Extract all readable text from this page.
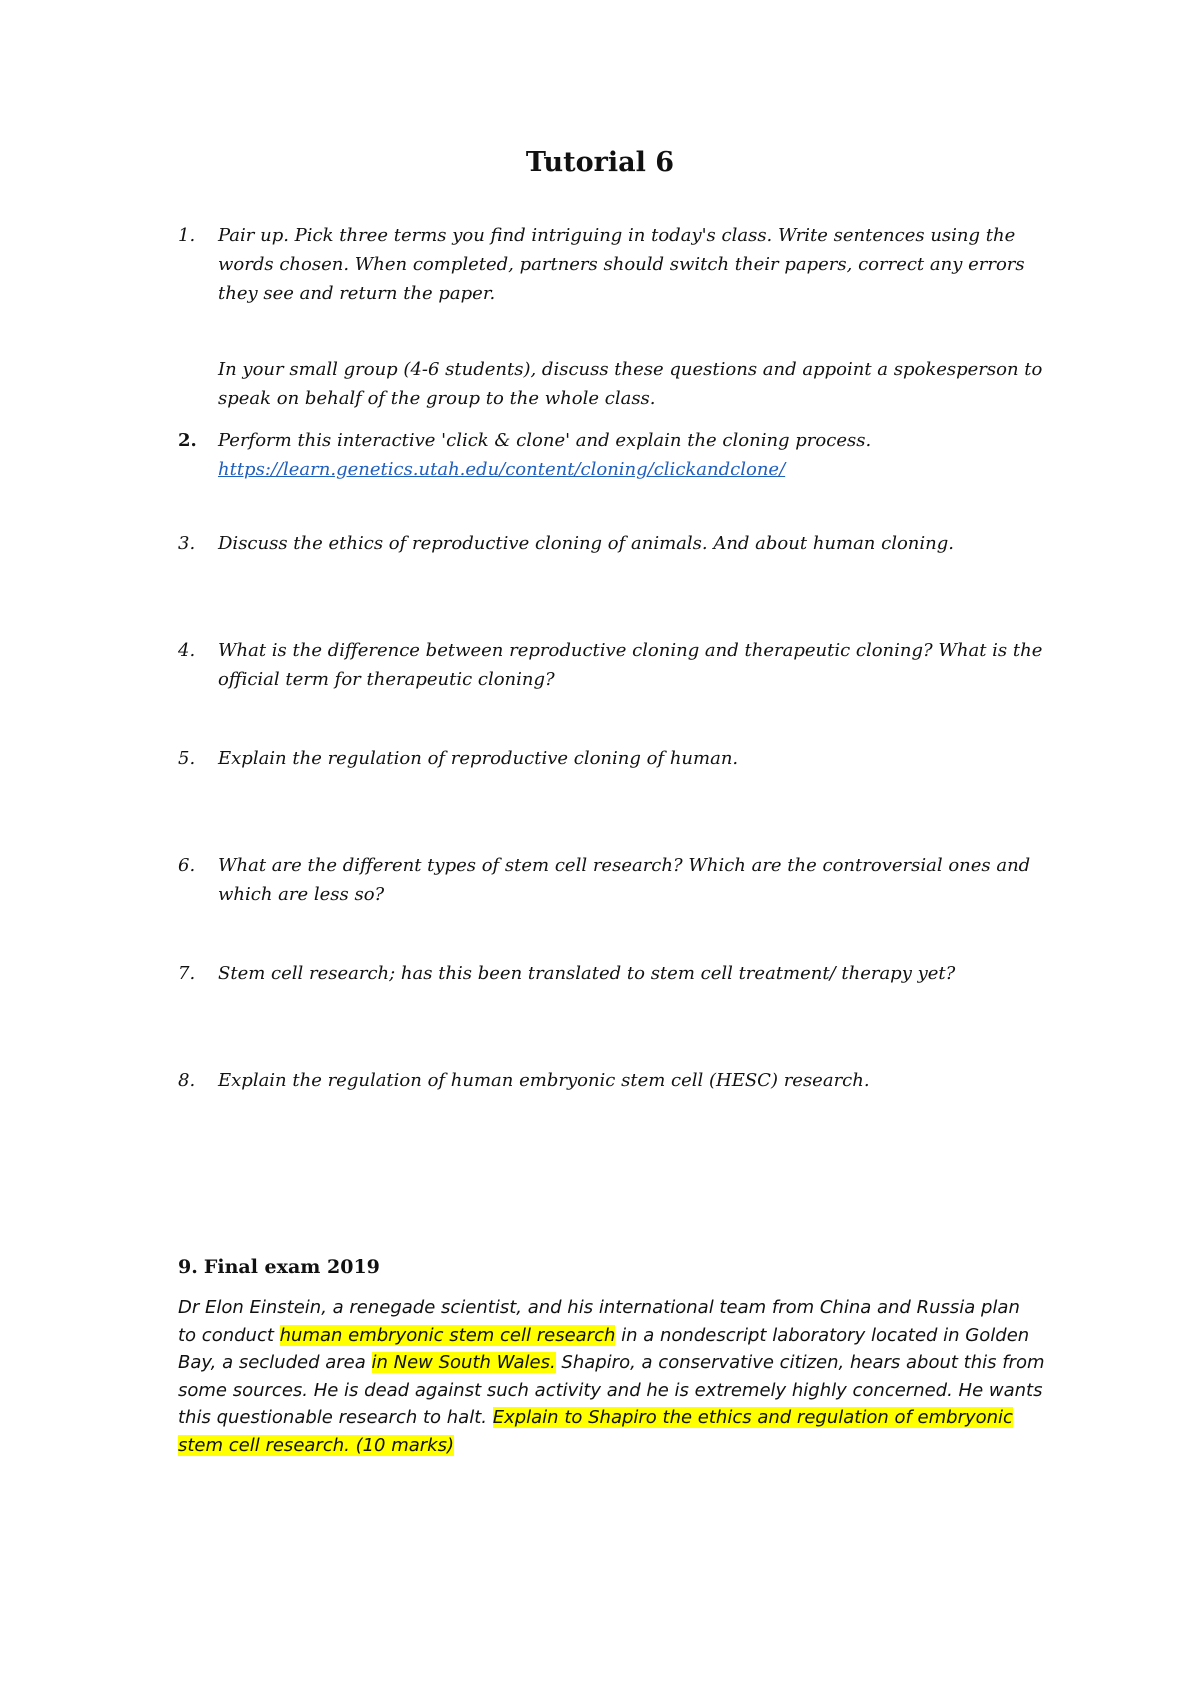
Tutorial 6
1.	Pair up. Pick three terms you find intriguing in today's class. Write sentences using the
words chosen. When completed, partners should switch their papers, correct any errors
they see and return the paper.
In your small group (4-6 students), discuss these questions and appoint a spokesperson to
speak on behalf of the group to the whole class.
2.	Perform this interactive 'click & clone' and explain the cloning process.
https://learn.genetics.utah.edu/content/cloning/clickandclone/
3.	Discuss the ethics of reproductive cloning of animals. And about human cloning.
4.	What is the difference between reproductive cloning and therapeutic cloning? What is the
official term for therapeutic cloning?
5.	Explain the regulation of reproductive cloning of human.
6.	What are the different types of stem cell research? Which are the controversial ones and
which are less so?
7.	Stem cell research; has this been translated to stem cell treatment/ therapy yet?
8.	Explain the regulation of human embryonic stem cell (HESC) research.
9. Final exam 2019
Dr Elon Einstein, a renegade scientist, and his international team from China and Russia plan
to conduct human embryonic stem cell research in a nondescript laboratory located in Golden
Bay, a secluded area in New South Wales. Shapiro, a conservative citizen, hears about this from
some sources. He is dead against such activity and he is extremely highly concerned. He wants
this questionable research to halt. Explain to Shapiro the ethics and regulation of embryonic
stem cell research. (10 marks)
